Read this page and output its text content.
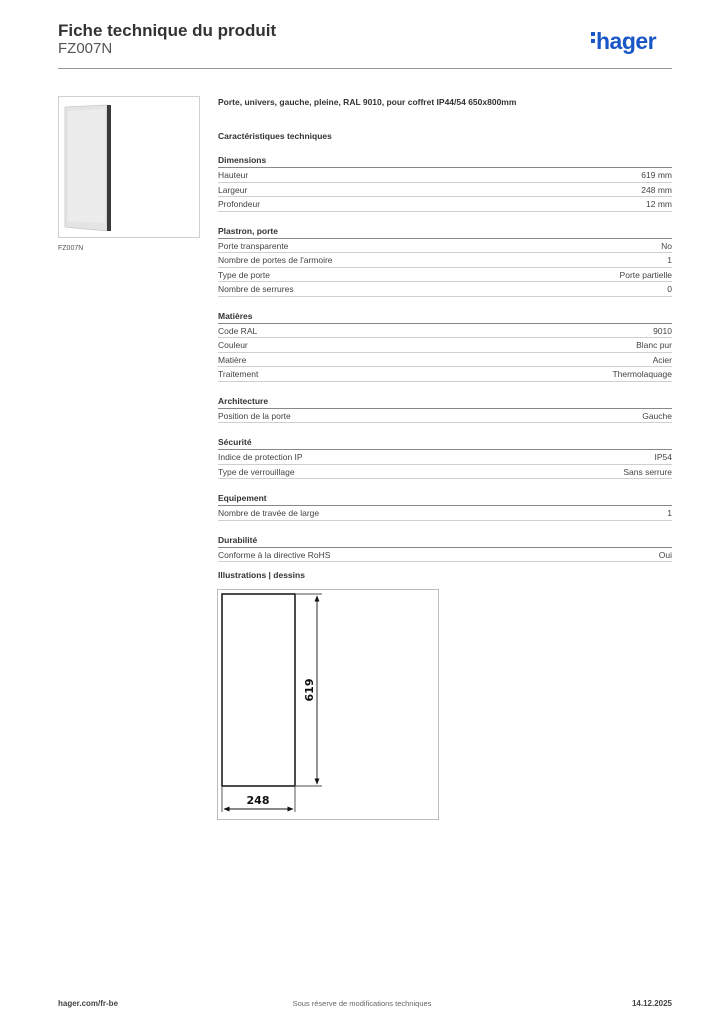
Fiche technique du produit
FZ007N	hager
FZ007N
Porte, univers, gauche, pleine, RAL 9010, pour coffret IP44/54 650x800mm
Caractéristiques techniques
Dimensions
Hauteur	619 mm
Largeur	248 mm
Profondeur	12 mm
Plastron, porte
Porte transparente	No
Nombre de portes de l'armoire	1
Type de porte	Porte partielle
Nombre de serrures	0
Matières
Code RAL	9010
Couleur	Blanc pur
Matière	Acier
Traitement	Thermolaquage
Architecture
Position de la porte	Gauche
Sécurité
Indice de protection IP	IP54
Type de verrouillage	Sans serrure
Equipement
Nombre de travée de large	1
Durabilité
Conforme à la directive RoHS	Oui
Illustrations | dessins
619
248
hager.com/fr-be	Sous réserve de modifications techniques	14.12.2025
